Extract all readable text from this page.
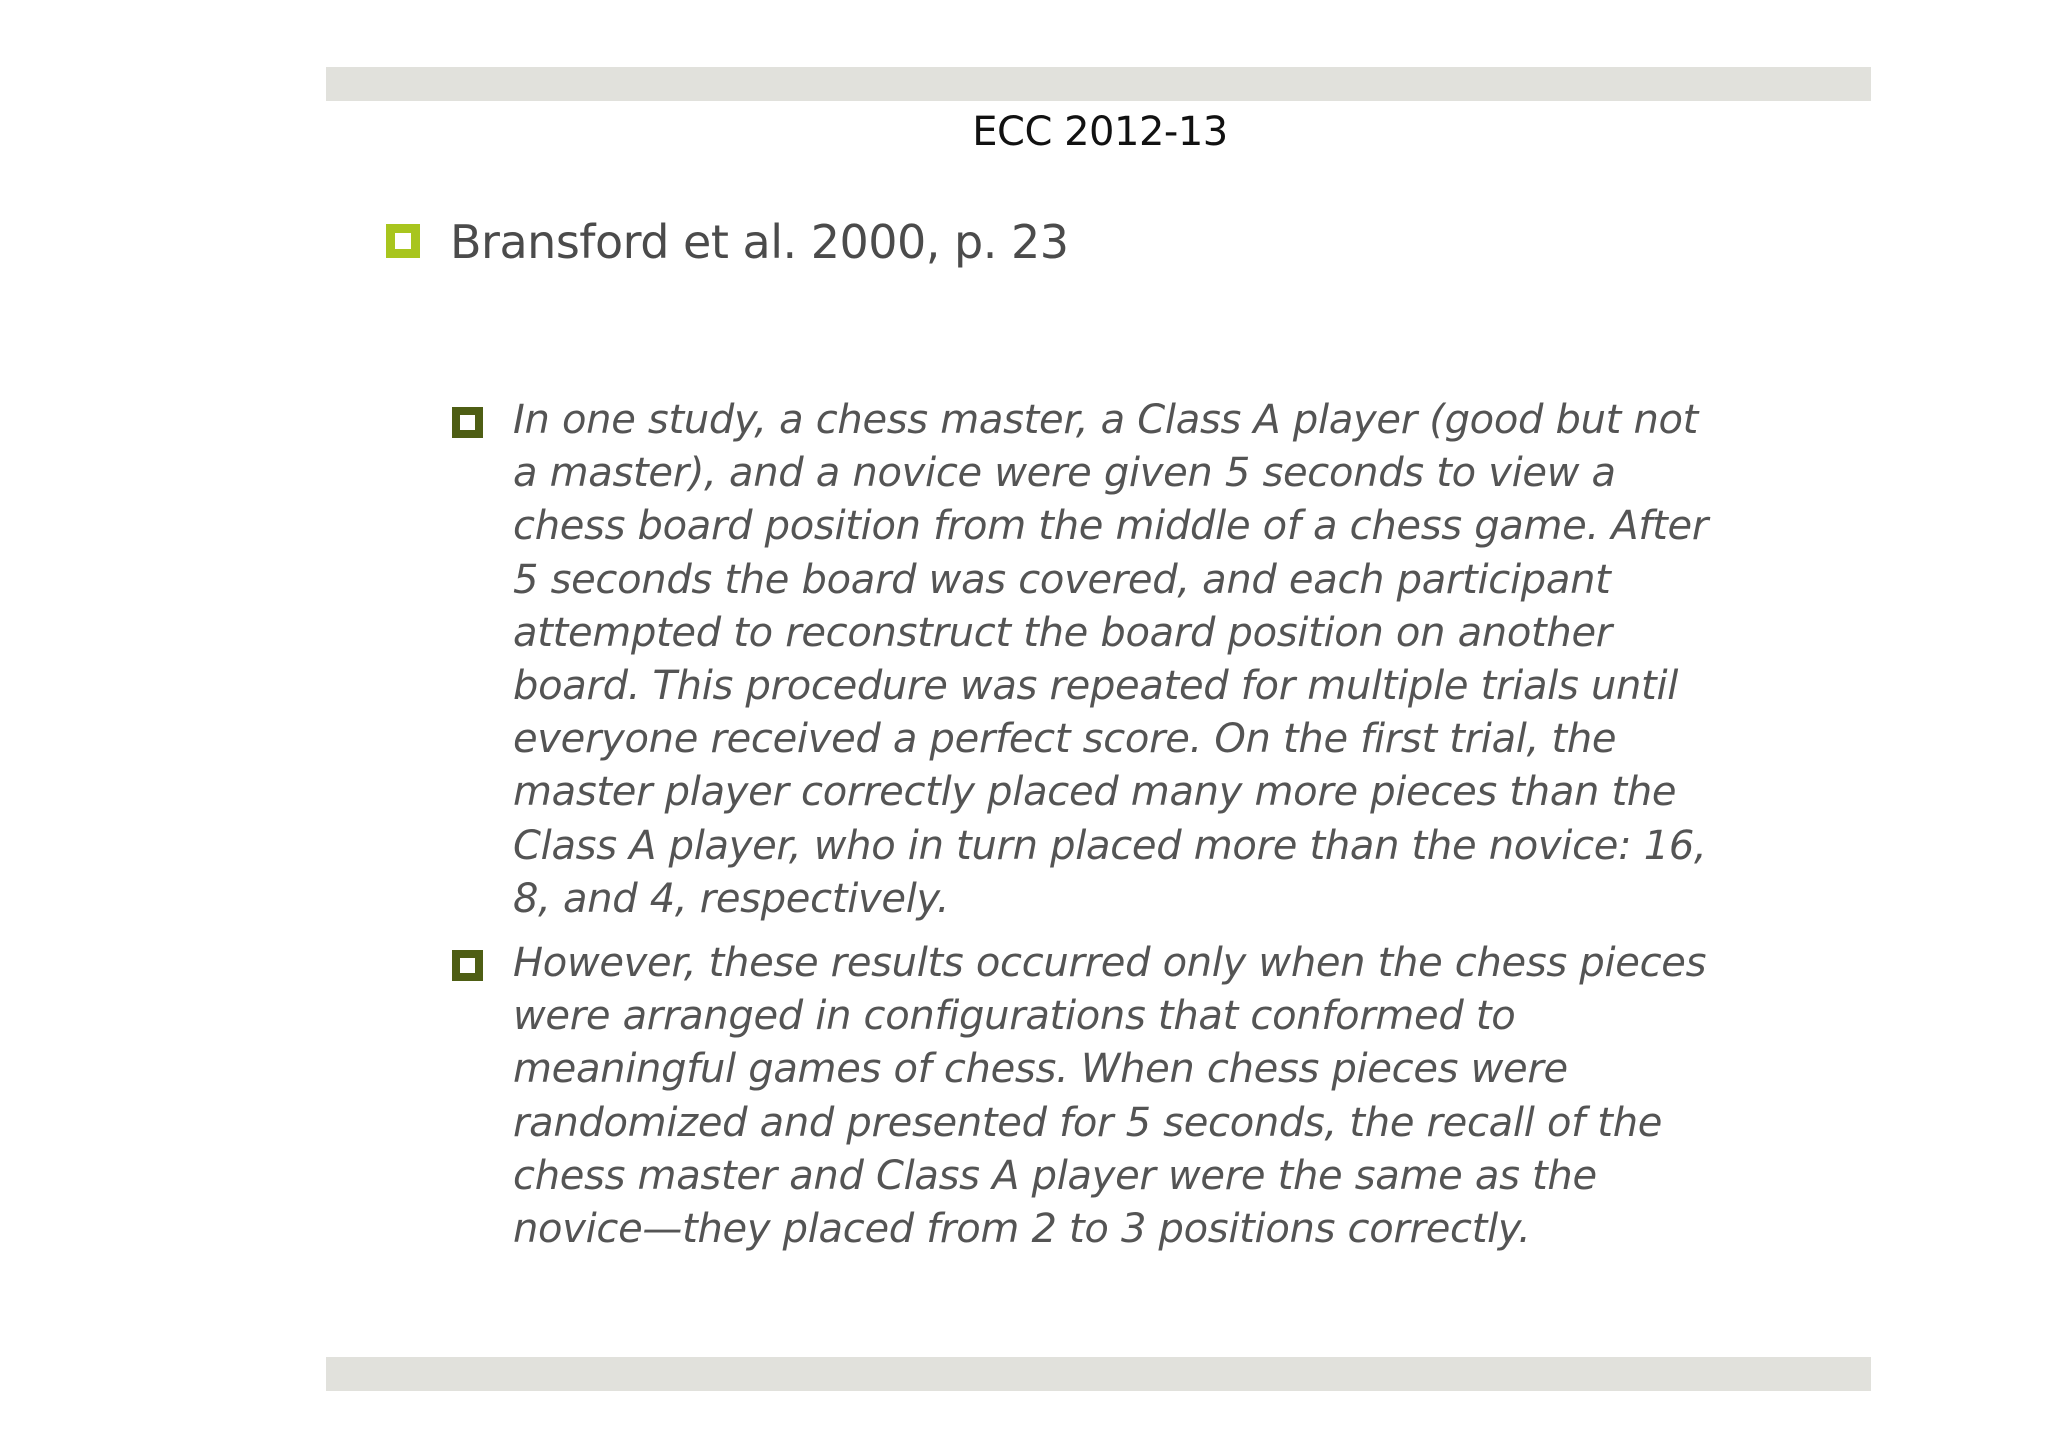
ECC 2012-13
Bransford et al. 2000, p. 23
In one study, a chess master, a Class A player (good but not
a master), and a novice were given 5 seconds to view a
chess board position from the middle of a chess game. After
5 seconds the board was covered, and each participant
attempted to reconstruct the board position on another
board. This procedure was repeated for multiple trials until
everyone received a perfect score. On the first trial, the
master player correctly placed many more pieces than the
Class A player, who in turn placed more than the novice: 16,
8, and 4, respectively.
However, these results occurred only when the chess pieces
were arranged in configurations that conformed to
meaningful games of chess. When chess pieces were
randomized and presented for 5 seconds, the recall of the
chess master and Class A player were the same as the
novice—they placed from 2 to 3 positions correctly.
